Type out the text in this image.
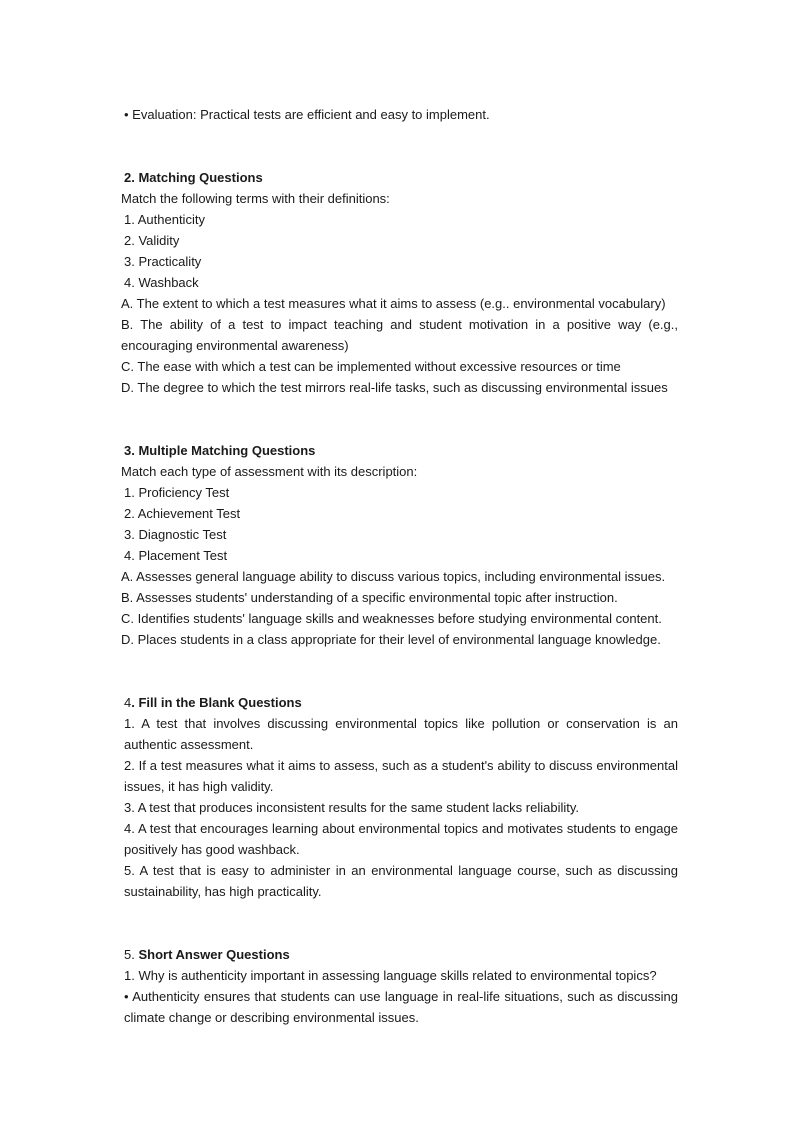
• Evaluation: Practical tests are efficient and easy to implement.
2. Matching Questions
Match the following terms with their definitions:
1. Authenticity
2. Validity
3. Practicality
4. Washback
A. The extent to which a test measures what it aims to assess (e.g.. environmental vocabulary)
B. The ability of a test to impact teaching and student motivation in a positive way (e.g., encouraging environmental awareness)
C. The ease with which a test can be implemented without excessive resources or time
D. The degree to which the test mirrors real-life tasks, such as discussing environmental issues
3. Multiple Matching Questions
Match each type of assessment with its description:
1. Proficiency Test
2. Achievement Test
3. Diagnostic Test
4. Placement Test
A. Assesses general language ability to discuss various topics, including environmental issues.
B. Assesses students' understanding of a specific environmental topic after instruction.
C. Identifies students' language skills and weaknesses before studying environmental content.
D. Places students in a class appropriate for their level of environmental language knowledge.
4. Fill in the Blank Questions
1. A test that involves discussing environmental topics like pollution or conservation is an authentic assessment.
2. If a test measures what it aims to assess, such as a student's ability to discuss environmental issues, it has high validity.
3. A test that produces inconsistent results for the same student lacks reliability.
4. A test that encourages learning about environmental topics and motivates students to engage positively has good washback.
5. A test that is easy to administer in an environmental language course, such as discussing sustainability, has high practicality.
5. Short Answer Questions
1. Why is authenticity important in assessing language skills related to environmental topics?
• Authenticity ensures that students can use language in real-life situations, such as discussing climate change or describing environmental issues.
